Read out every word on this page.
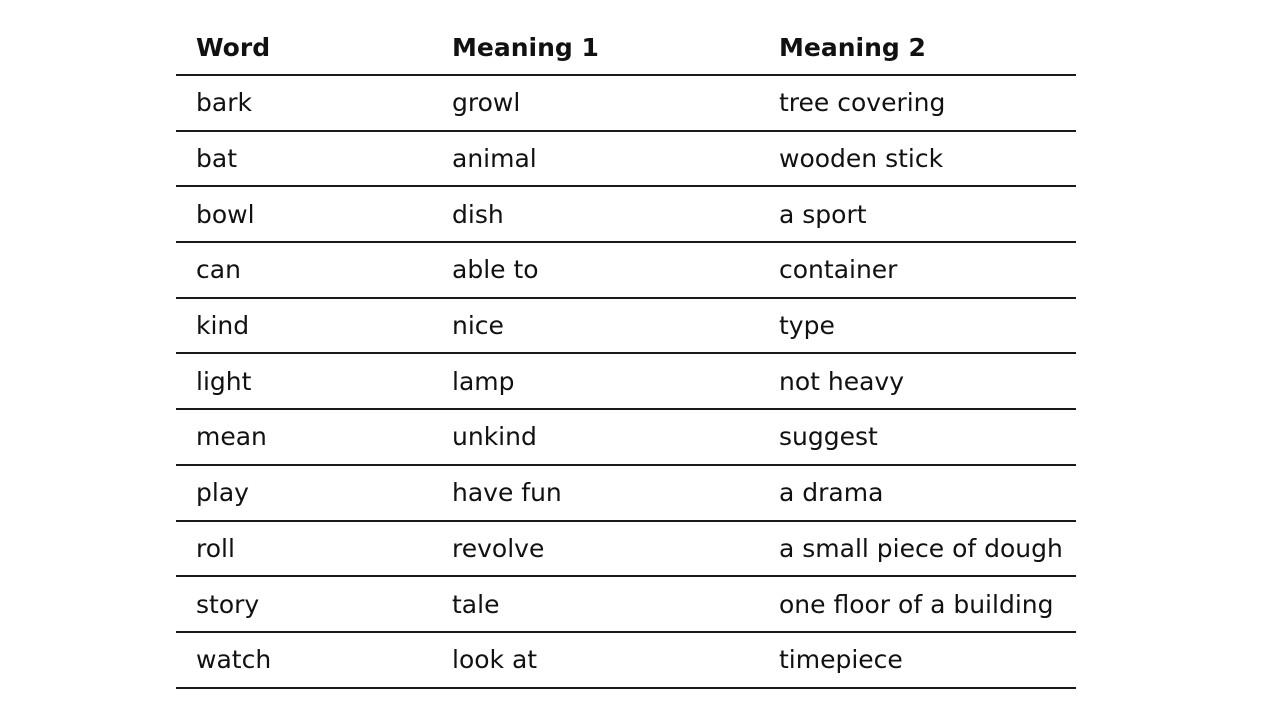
Word	Meaning 1	Meaning 2
bark	growl	tree covering
bat	animal	wooden stick
bowl	dish	a sport
can	able to	container
kind	nice	type
light	lamp	not heavy
mean	unkind	suggest
play	have fun	a drama
roll	revolve	a small piece of dough
story	tale	one floor of a building
watch	look at	timepiece
